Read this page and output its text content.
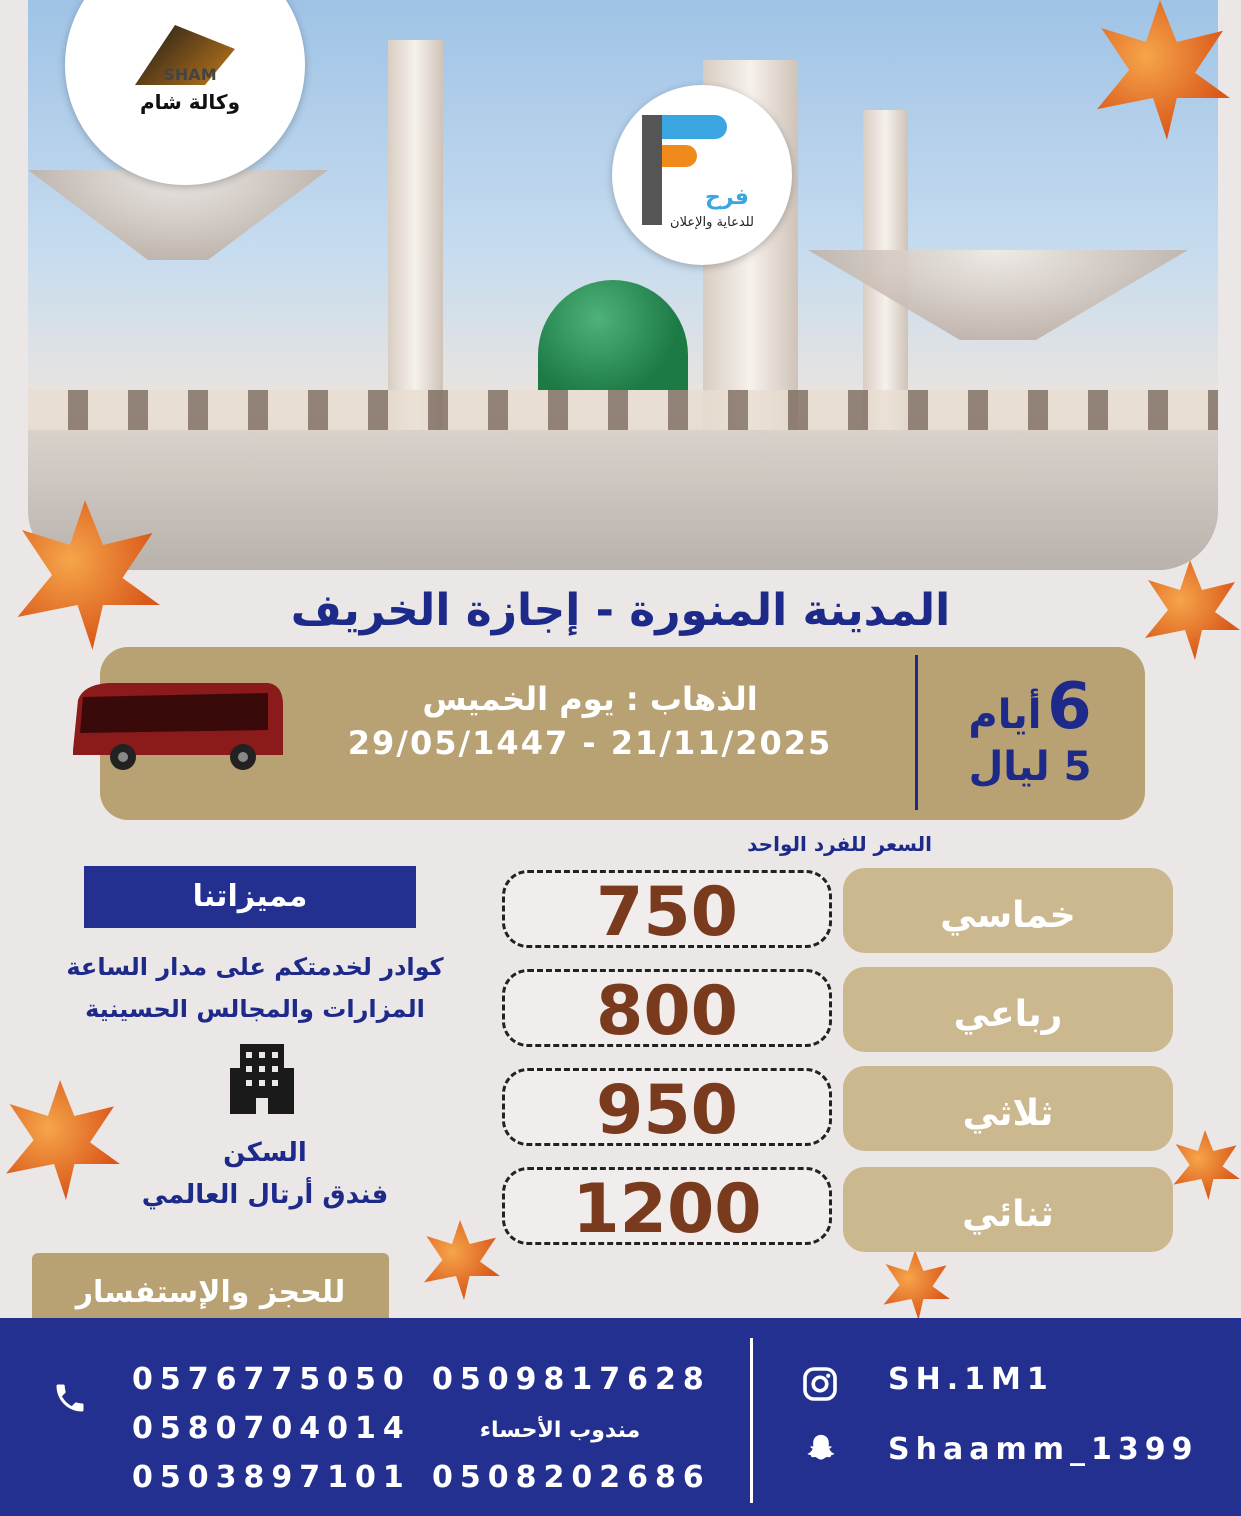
SHAM
وكالة شام
فرح
للدعاية والإعلان
المدينة المنورة - إجازة الخريف
6 أيام
5 ليال
الذهاب : يوم الخميس
29/05/1447 - 21/11/2025
السعر للفرد الواحد
خماسي
750
رباعي
800
ثلاثي
950
ثنائي
1200
مميزاتنا
كوادر لخدمتكم على مدار الساعة
المزارات والمجالس الحسينية
السكن
فندق أرتال العالمي
للحجز والإستفسار
0576775050
0580704014
0503897101
0509817628
مندوب الأحساء
0508202686
SH.1M1
Shaamm_1399
